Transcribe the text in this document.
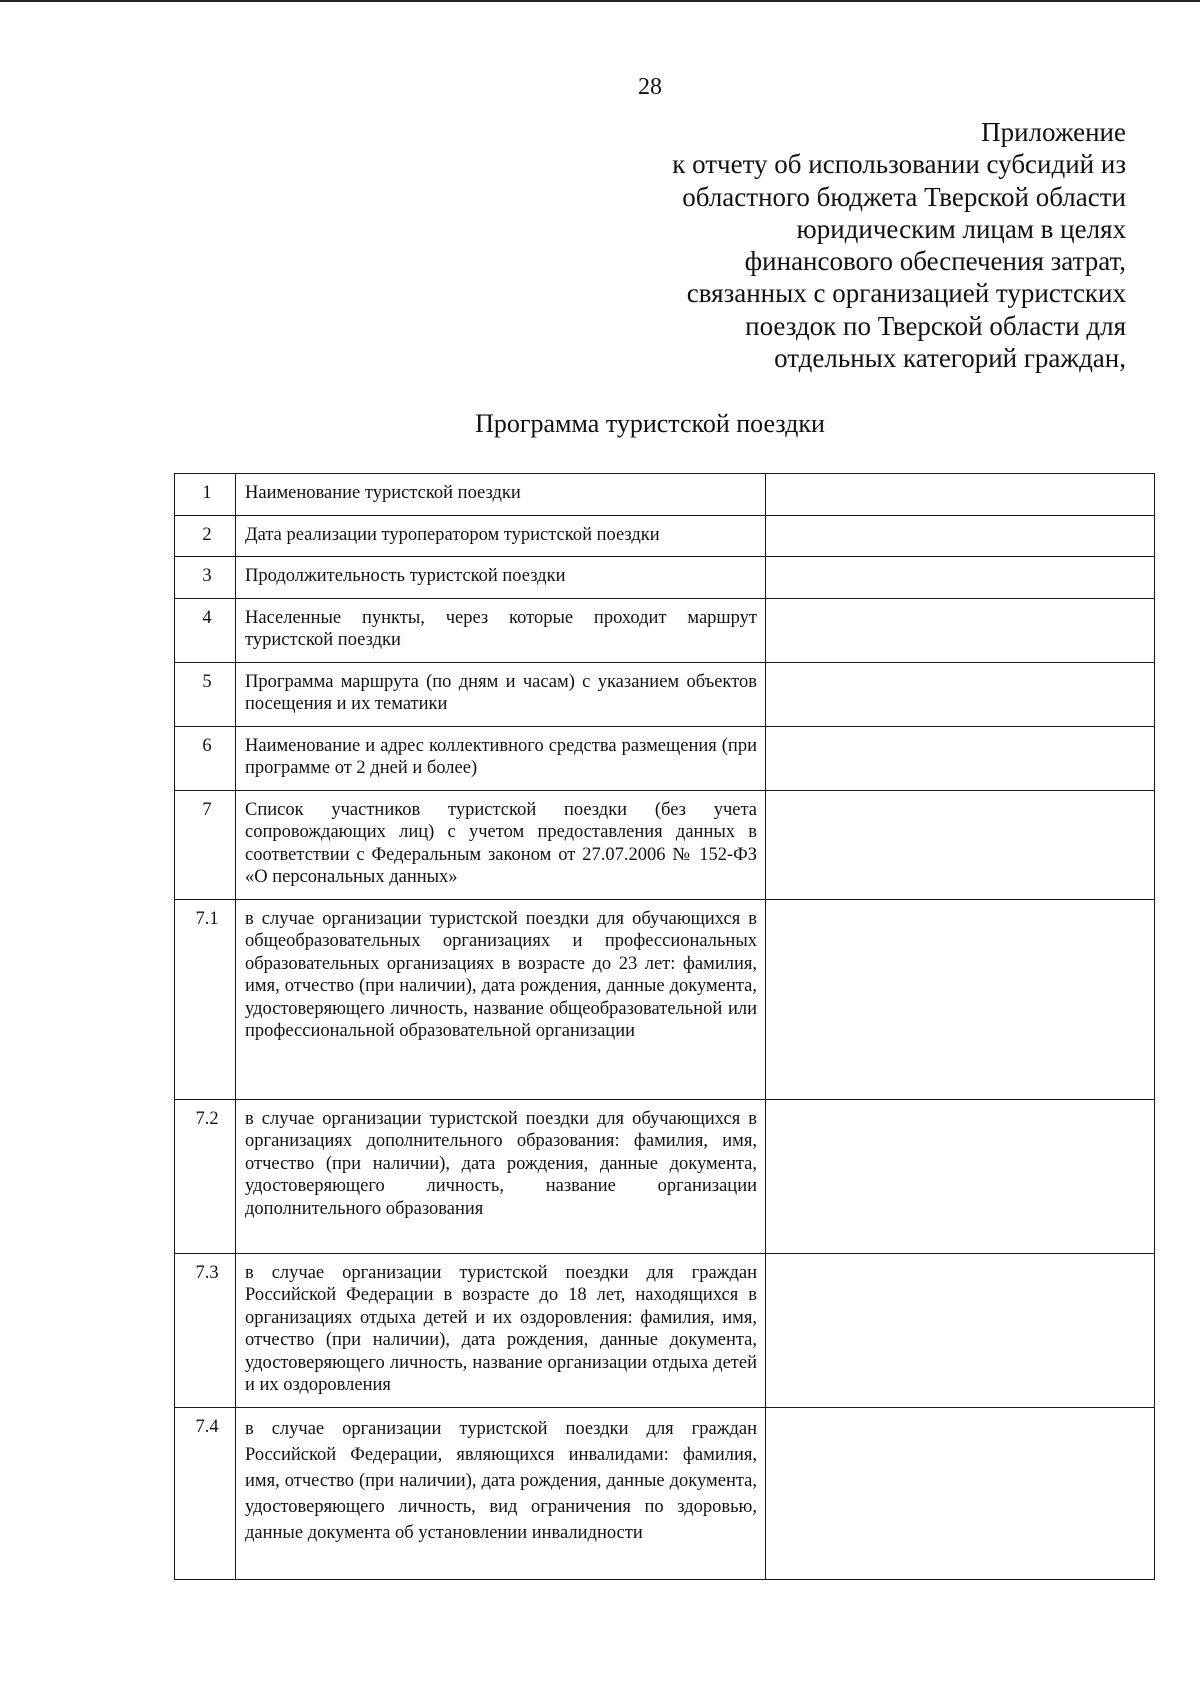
28
Приложение
к отчету об использовании субсидий из
областного бюджета Тверской области
юридическим лицам в целях
финансового обеспечения затрат,
связанных с организацией туристских
поездок по Тверской области для
отдельных категорий граждан,
Программа туристской поездки
1	Наименование туристской поездки	
2	Дата реализации туроператором туристской поездки	
3	Продолжительность туристской поездки	
4	Населенные пункты, через которые проходит маршрут туристской поездки	
5	Программа маршрута (по дням и часам) с указанием объектов посещения и их тематики	
6	Наименование и адрес коллективного средства размещения (при программе от 2 дней и более)	
7	Список участников туристской поездки (без учета сопровождающих лиц) с учетом предоставления данных в соответствии с Федеральным законом от 27.07.2006 № 152-ФЗ «О персональных данных»	
7.1	в случае организации туристской поездки для обучающихся в общеобразовательных организациях и профессиональных образовательных организациях в возрасте до 23 лет: фамилия, имя, отчество (при наличии), дата рождения, данные документа, удостоверяющего личность, название общеобразовательной или профессиональной образовательной организации	
7.2	в случае организации туристской поездки для обучающихся в организациях дополнительного образования: фамилия, имя, отчество (при наличии), дата рождения, данные документа, удостоверяющего личность, название организации дополнительного образования	
7.3	в случае организации туристской поездки для граждан Российской Федерации в возрасте до 18 лет, находящихся в организациях отдыха детей и их оздоровления: фамилия, имя, отчество (при наличии), дата рождения, данные документа, удостоверяющего личность, название организации отдыха детей и их оздоровления	
7.4	в случае организации туристской поездки для граждан Российской Федерации, являющихся инвалидами: фамилия, имя, отчество (при наличии), дата рождения, данные документа, удостоверяющего личность, вид ограничения по здоровью, данные документа об установлении инвалидности	
